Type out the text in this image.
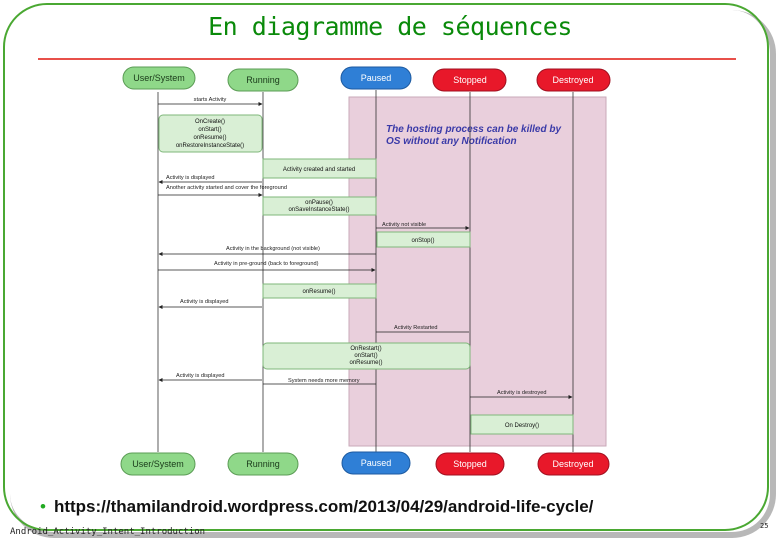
En diagramme de séquences
The hosting process can be killed by
OS without any Notification
User/System	Running	Paused	Stopped	Destroyed
OnCreate()
onStart()
onResume()
onRestoreInstanceState()
Activity created and started
onPause()
onSaveInstanceState()
onStop()
onResume()
OnRestart()
onStart()
onResume()
On Destroy()
starts Activity
Activity is displayed
Another activity started and cover the foreground
Activity not visible
Activity in the background (not visible)
Activity in pre-ground (back to foreground)
Activity is displayed
Activity Restarted
Activity is displayed
System needs more memory
Activity is destroyed
User/System	Running	Paused	Stopped	Destroyed
• https://thamilandroid.wordpress.com/2013/04/29/android-life-cycle/
Android_Activity_Intent_Introduction
25
